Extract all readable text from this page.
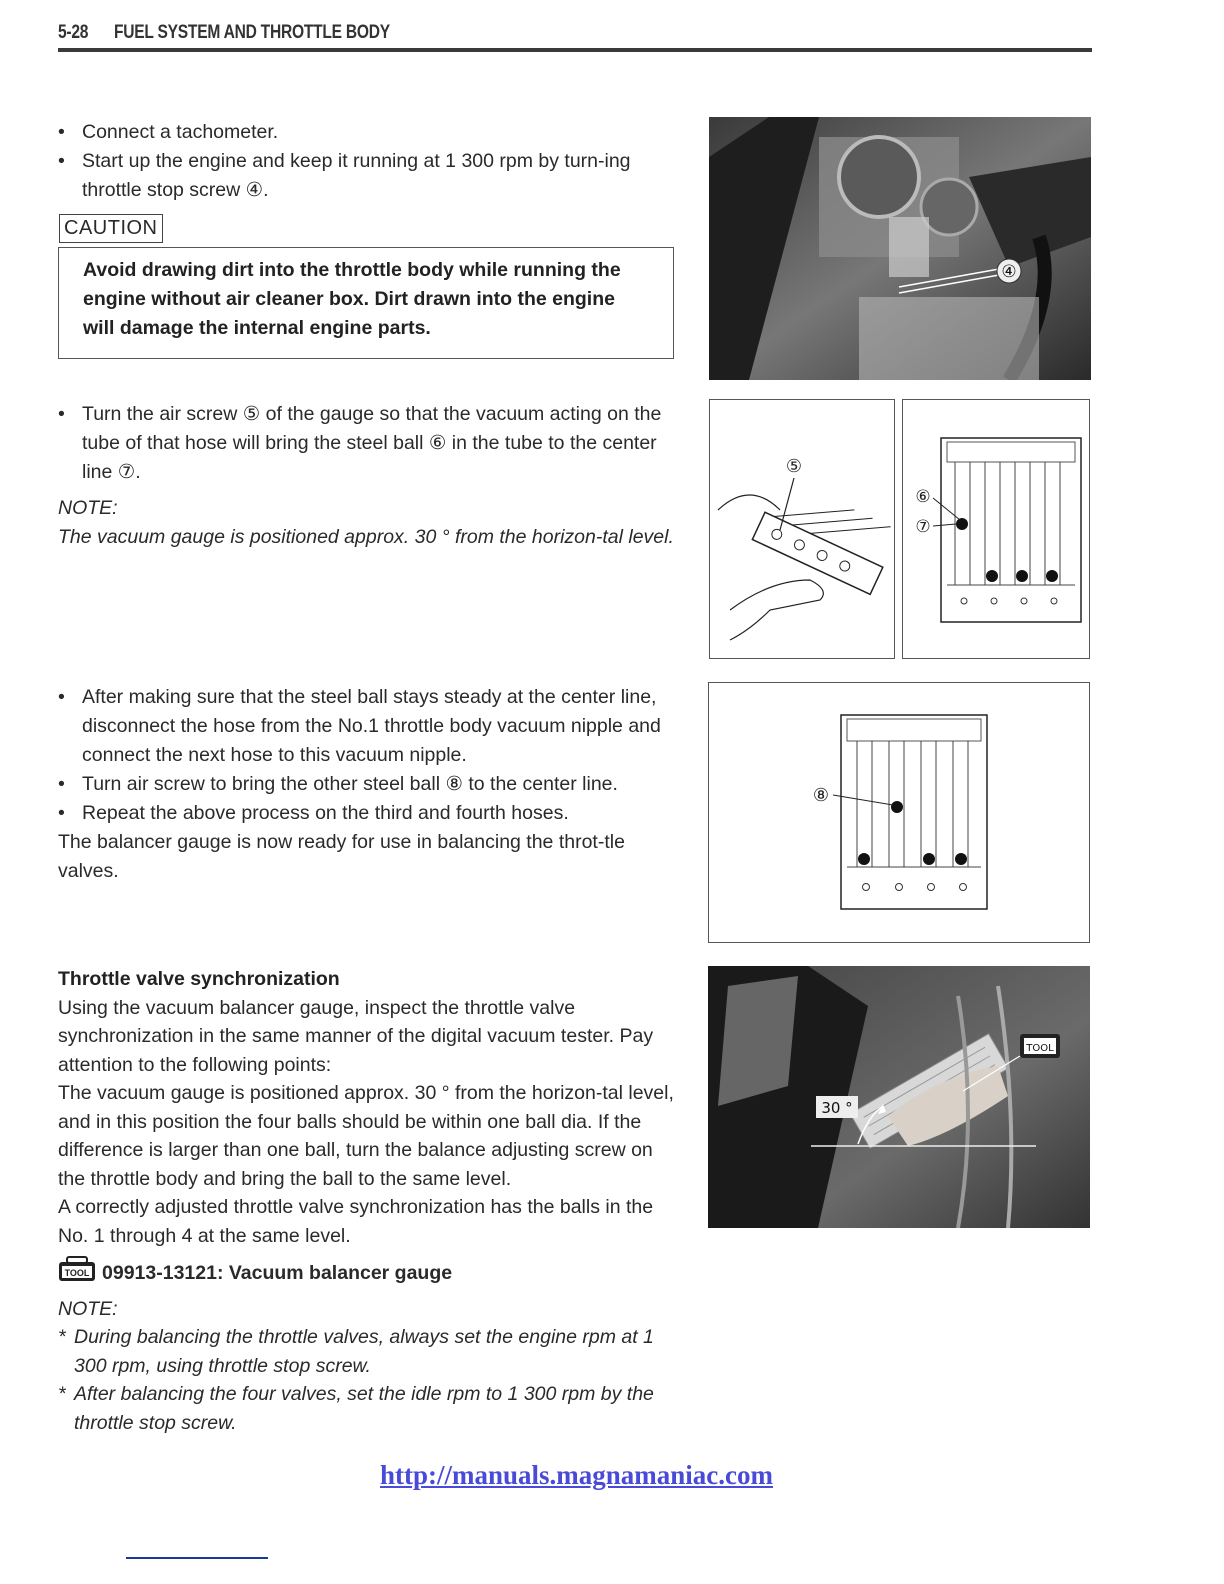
5-28 FUEL SYSTEM AND THROTTLE BODY
• Connect a tachometer.
• Start up the engine and keep it running at 1 300 rpm by turn-ing throttle stop screw ④.
CAUTION
Avoid drawing dirt into the throttle body while running the engine without air cleaner box. Dirt drawn into the engine will damage the internal engine parts.
• Turn the air screw ⑤ of the gauge so that the vacuum acting on the tube of that hose will bring the steel ball ⑥ in the tube to the center line ⑦.
NOTE:
The vacuum gauge is positioned approx. 30 ° from the horizon-tal level.
• After making sure that the steel ball stays steady at the center line, disconnect the hose from the No.1 throttle body vacuum nipple and connect the next hose to this vacuum nipple.
• Turn air screw to bring the other steel ball ⑧ to the center line.
• Repeat the above process on the third and fourth hoses.
The balancer gauge is now ready for use in balancing the throt-tle valves.
Throttle valve synchronization
Using the vacuum balancer gauge, inspect the throttle valve synchronization in the same manner of the digital vacuum tester. Pay attention to the following points:
The vacuum gauge is positioned approx. 30 ° from the horizon-tal level, and in this position the four balls should be within one ball dia. If the difference is larger than one ball, turn the balance adjusting screw on the throttle body and bring the ball to the same level.
A correctly adjusted throttle valve synchronization has the balls in the No. 1 through 4 at the same level.
TOOL 09913-13121: Vacuum balancer gauge
NOTE:
* During balancing the throttle valves, always set the engine rpm at 1 300 rpm, using throttle stop screw.
* After balancing the four valves, set the idle rpm to 1 300 rpm by the throttle stop screw.
④
⑤
⑥
⑦
⑧
30 °
TOOL
http://manuals.magnamaniac.com
